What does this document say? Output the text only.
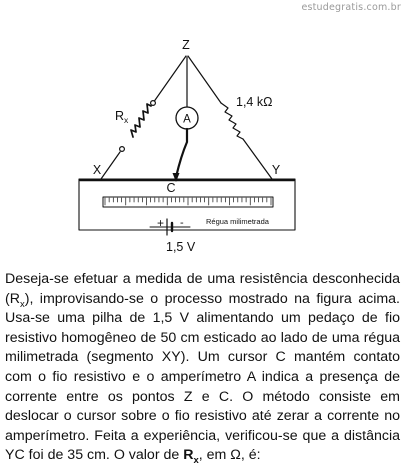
estudegratis.com.br
Z
X	Y
C
$R_x$
1,4 kΩ
A
Régua milimetrada
+ -
1,5 V

Deseja-se efetuar a medida de uma resistência desconhecida $(R_x)$, improvisando-se o processo mostrado na figura acima. Usa-se uma pilha de 1,5 V alimentando um pedaço de fio resistivo homogêneo de 50 cm esticado ao lado de uma régua milimetrada (segmento XY). Um cursor C mantém contato com o fio resistivo e o amperímetro A indica a presença de corrente entre os pontos Z e C. O método consiste em deslocar o cursor sobre o fio resistivo até zerar a corrente no amperímetro. Feita a experiência, verificou-se que a distância YC foi de 35 cm. O valor de $R_x$, em Ω, é:
